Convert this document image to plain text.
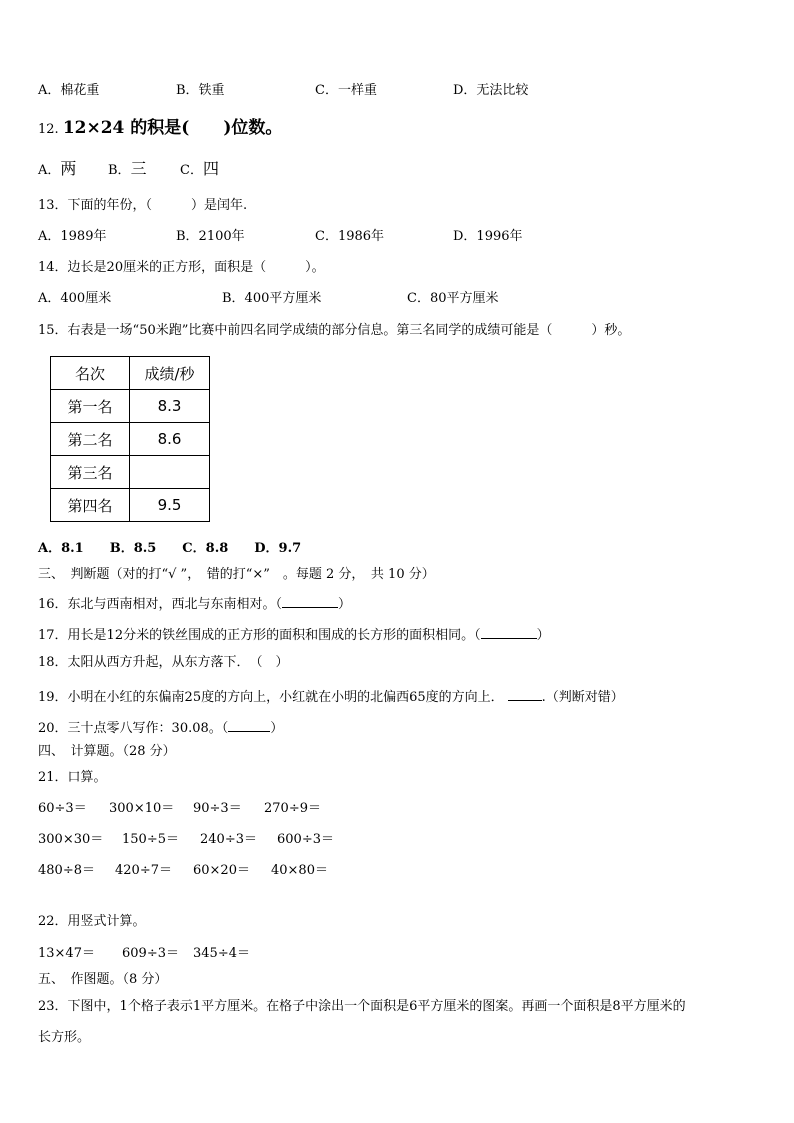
A．棉花重	B．铁重	C．一样重	D．无法比较
12. 12×24 的积是(　　)位数。
A．两 B．三	C．四
13．下面的年份，（　　　）是闰年.
A．1989年	B．2100年	C．1986年	D．1996年
14．边长是20厘米的正方形，面积是（　　　）。
A．400厘米	B．400平方厘米	C．80平方厘米
15．右表是一场“50米跑”比赛中前四名同学成绩的部分信息。第三名同学的成绩可能是（　　　）秒。
名次	成绩/秒
第一名	8.3
第二名	8.6
第三名	
第四名	9.5
A．8.1　　B．8.5　　C．8.8　　D．9.7
三、　判断题（对的打“√ ”，　错的打“×”　。每题 2 分，　共 10 分）
16．东北与西南相对，西北与东南相对。（	）
17．用长是12分米的铁丝围成的正方形的面积和围成的长方形的面积相同。（	）
18．太阳从西方升起，从东方落下．　（　）
19．小明在小红的东偏南25度的方向上，小红就在小明的北偏西65度的方向上．	.（判断对错）
20．三十点零八写作：30.08。（	）
四、　计算题。（28 分）
21．口算。
60÷3＝ 300×10＝ 90÷3＝ 270÷9＝
300×30＝ 150÷5＝ 240÷3＝ 600÷3＝
480÷8＝ 420÷7＝ 60×20＝ 40×80＝
22．用竖式计算。
13×47＝ 609÷3＝ 345÷4＝
五、　作图题。（8 分）
23．下图中，1个格子表示1平方厘米。在格子中涂出一个面积是6平方厘米的图案。再画一个面积是8平方厘米的
长方形。
